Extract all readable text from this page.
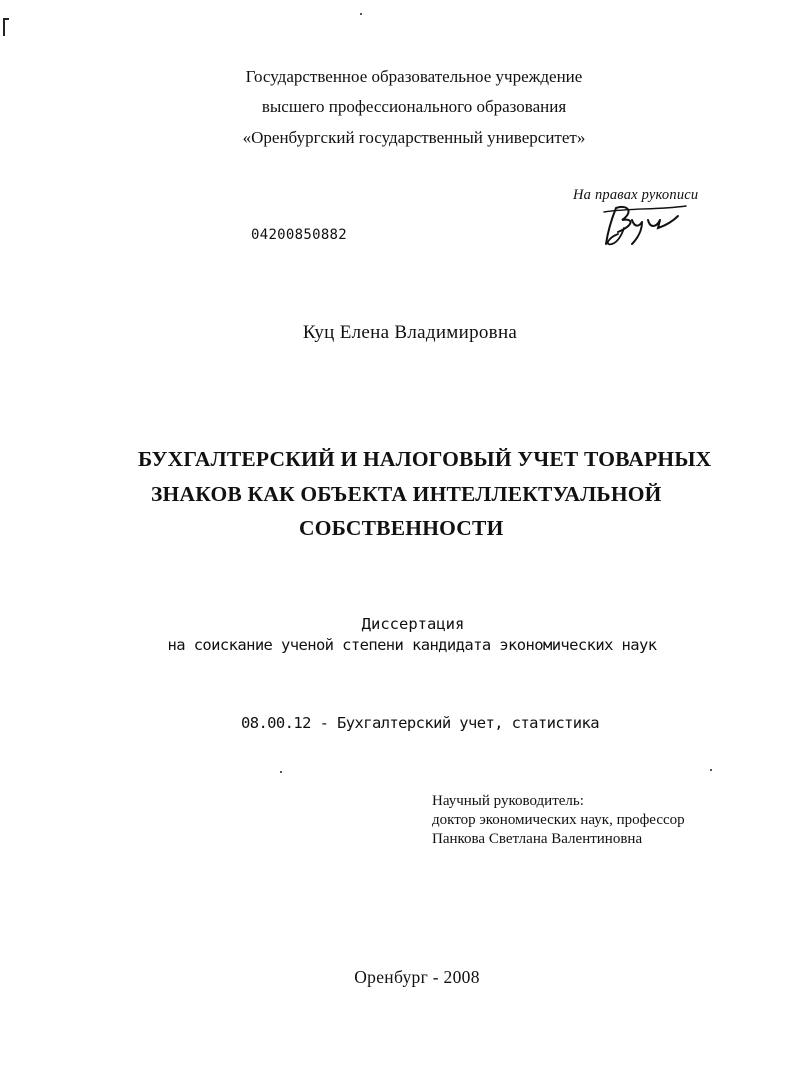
Государственное образовательное учреждение
высшего профессионального образования
«Оренбургский государственный университет»
На правах рукописи
04200850882
Куц Елена Владимировна
БУХГАЛТЕРСКИЙ И НАЛОГОВЫЙ УЧЕТ ТОВАРНЫХ
ЗНАКОВ КАК ОБЪЕКТА ИНТЕЛЛЕКТУАЛЬНОЙ
СОБСТВЕННОСТИ
Диссертация
на соискание ученой степени кандидата экономических наук
08.00.12 - Бухгалтерский учет, статистика
Научный руководитель:
доктор экономических наук, профессор
Панкова Светлана Валентиновна
Оренбург - 2008
